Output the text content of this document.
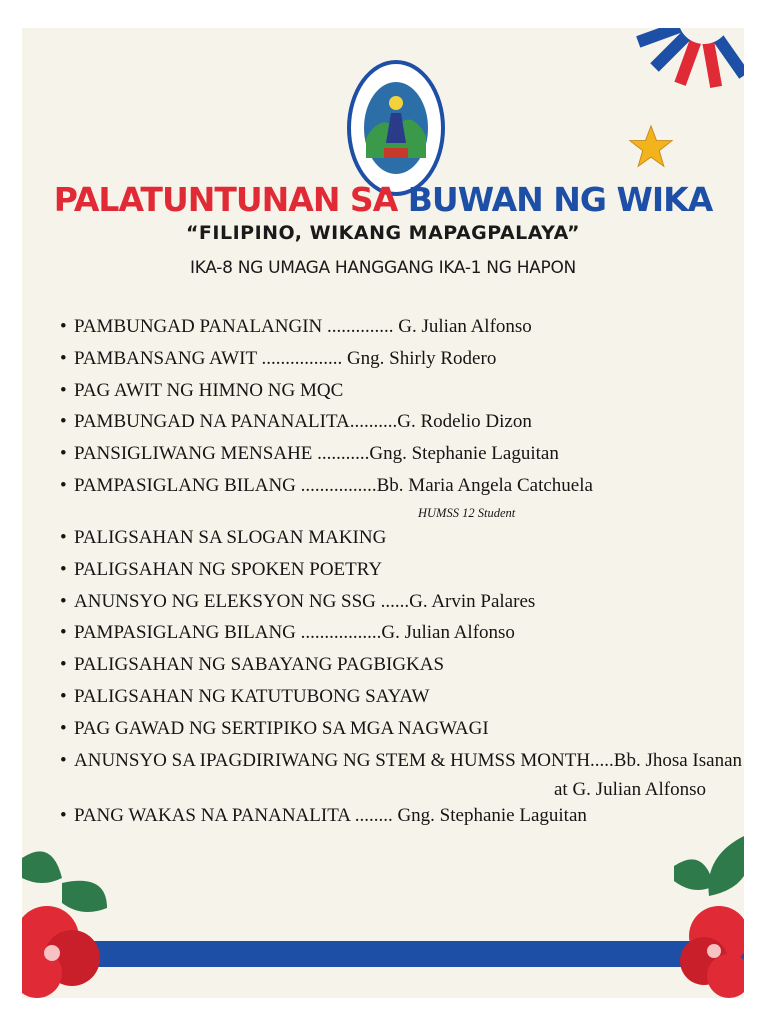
PALATUNTUNAN SA BUWAN NG WIKA
“FILIPINO, WIKANG MAPAGPALAYA”
IKA-8 NG UMAGA HANGGANG IKA-1 NG HAPON
• PAMBUNGAD PANALANGIN .............. G. Julian Alfonso
• PAMBANSANG AWIT ................. Gng. Shirly Rodero
• PAG AWIT NG HIMNO NG MQC
• PAMBUNGAD NA PANANALITA..........G. Rodelio Dizon
• PANSIGLIWANG MENSAHE ...........Gng. Stephanie Laguitan
• PAMPASIGLANG BILANG ................Bb. Maria Angela Catchuela
HUMSS 12 Student
• PALIGSAHAN SA SLOGAN MAKING
• PALIGSAHAN NG SPOKEN POETRY
• ANUNSYO NG ELEKSYON NG SSG ......G. Arvin Palares
• PAMPASIGLANG BILANG .................G. Julian Alfonso
• PALIGSAHAN NG SABAYANG PAGBIGKAS
• PALIGSAHAN NG KATUTUBONG SAYAW
• PAG GAWAD NG SERTIPIKO SA MGA NAGWAGI
• ANUNSYO SA IPAGDIRIWANG NG STEM & HUMSS MONTH.....Bb. Jhosa Isanan
at G. Julian Alfonso
• PANG WAKAS NA PANANALITA ........ Gng. Stephanie Laguitan
